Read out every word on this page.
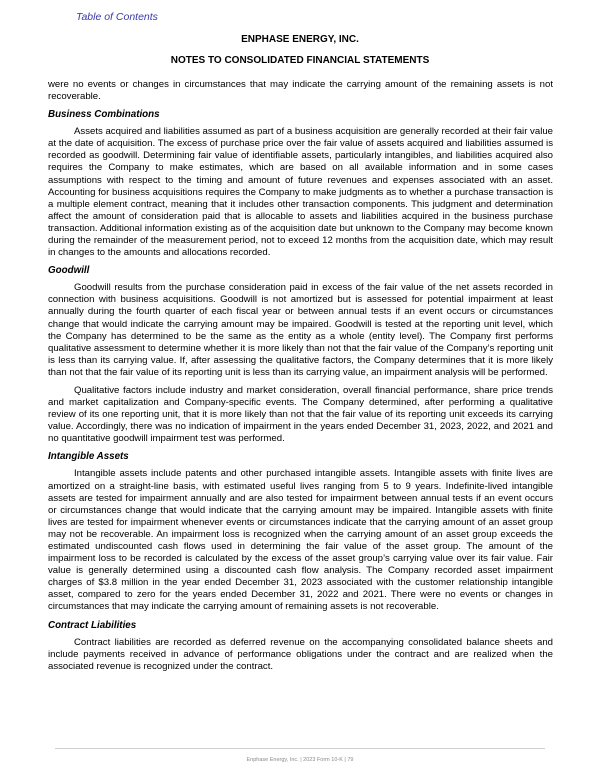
Table of Contents
ENPHASE ENERGY, INC.
NOTES TO CONSOLIDATED FINANCIAL STATEMENTS

were no events or changes in circumstances that may indicate the carrying amount of the remaining assets is not recoverable.

Business Combinations

Assets acquired and liabilities assumed as part of a business acquisition are generally recorded at their fair value at the date of acquisition. The excess of purchase price over the fair value of assets acquired and liabilities assumed is recorded as goodwill. Determining fair value of identifiable assets, particularly intangibles, and liabilities acquired also requires the Company to make estimates, which are based on all available information and in some cases assumptions with respect to the timing and amount of future revenues and expenses associated with an asset. Accounting for business acquisitions requires the Company to make judgments as to whether a purchase transaction is a multiple element contract, meaning that it includes other transaction components. This judgment and determination affect the amount of consideration paid that is allocable to assets and liabilities acquired in the business purchase transaction. Additional information existing as of the acquisition date but unknown to the Company may become known during the remainder of the measurement period, not to exceed 12 months from the acquisition date, which may result in changes to the amounts and allocations recorded.

Goodwill

Goodwill results from the purchase consideration paid in excess of the fair value of the net assets recorded in connection with business acquisitions. Goodwill is not amortized but is assessed for potential impairment at least annually during the fourth quarter of each fiscal year or between annual tests if an event occurs or circumstances change that would indicate the carrying amount may be impaired. Goodwill is tested at the reporting unit level, which the Company has determined to be the same as the entity as a whole (entity level). The Company first performs qualitative assessment to determine whether it is more likely than not that the fair value of the Company’s reporting unit is less than its carrying value. If, after assessing the qualitative factors, the Company determines that it is more likely than not that the fair value of its reporting unit is less than its carrying value, an impairment analysis will be performed.

Qualitative factors include industry and market consideration, overall financial performance, share price trends and market capitalization and Company-specific events. The Company determined, after performing a qualitative review of its one reporting unit, that it is more likely than not that the fair value of its reporting unit exceeds its carrying value. Accordingly, there was no indication of impairment in the years ended December 31, 2023, 2022, and 2021 and no quantitative goodwill impairment test was performed.

Intangible Assets

Intangible assets include patents and other purchased intangible assets. Intangible assets with finite lives are amortized on a straight-line basis, with estimated useful lives ranging from 5 to 9 years. Indefinite-lived intangible assets are tested for impairment annually and are also tested for impairment between annual tests if an event occurs or circumstances change that would indicate that the carrying amount may be impaired. Intangible assets with finite lives are tested for impairment whenever events or circumstances indicate that the carrying amount of an asset group may not be recoverable. An impairment loss is recognized when the carrying amount of an asset group exceeds the estimated undiscounted cash flows used in determining the fair value of the asset group. The amount of the impairment loss to be recorded is calculated by the excess of the asset group’s carrying value over its fair value. Fair value is generally determined using a discounted cash flow analysis. The Company recorded asset impairment charges of $3.8 million in the year ended December 31, 2023 associated with the customer relationship intangible asset, compared to zero for the years ended December 31, 2022 and 2021. There were no events or changes in circumstances that may indicate the carrying amount of remaining assets is not recoverable.

Contract Liabilities

Contract liabilities are recorded as deferred revenue on the accompanying consolidated balance sheets and include payments received in advance of performance obligations under the contract and are realized when the associated revenue is recognized under the contract.

Enphase Energy, Inc. | 2023 Form 10-K | 79
